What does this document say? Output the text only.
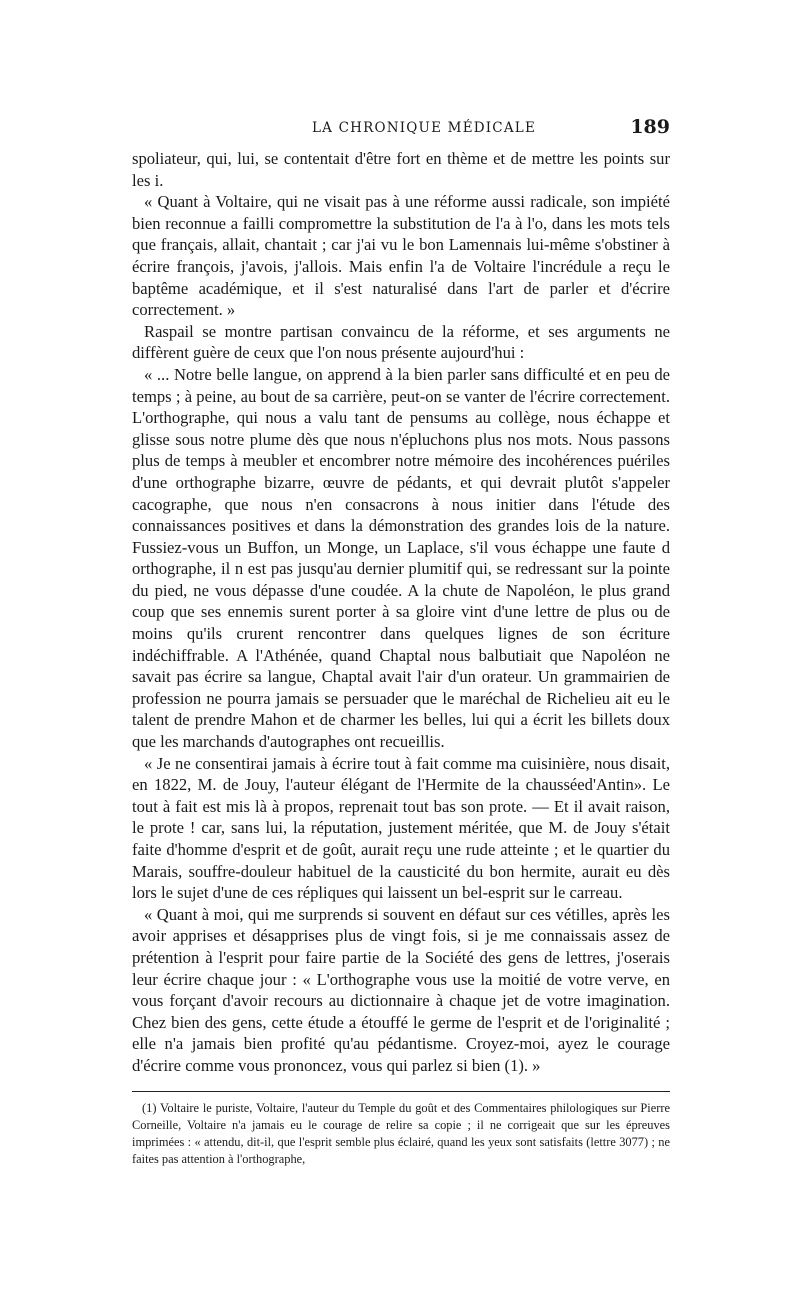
LA CHRONIQUE MÉDICALE	189

spoliateur, qui, lui, se contentait d'être fort en thème et de mettre les points sur les i.

« Quant à Voltaire, qui ne visait pas à une réforme aussi radicale, son impiété bien reconnue a failli compromettre la substitution de l'a à l'o, dans les mots tels que français, allait, chantait ; car j'ai vu le bon Lamennais lui-même s'obstiner à écrire françois, j'avois, j'allois. Mais enfin l'a de Voltaire l'incrédule a reçu le baptême académique, et il s'est naturalisé dans l'art de parler et d'écrire correctement. »

Raspail se montre partisan convaincu de la réforme, et ses arguments ne diffèrent guère de ceux que l'on nous présente aujourd'hui :

« ... Notre belle langue, on apprend à la bien parler sans difficulté et en peu de temps ; à peine, au bout de sa carrière, peut-on se vanter de l'écrire correctement. L'orthographe, qui nous a valu tant de pensums au collège, nous échappe et glisse sous notre plume dès que nous n'épluchons plus nos mots. Nous passons plus de temps à meubler et encombrer notre mémoire des incohérences puériles d'une orthographe bizarre, œuvre de pédants, et qui devrait plutôt s'appeler cacographe, que nous n'en consacrons à nous initier dans l'étude des connaissances positives et dans la démonstration des grandes lois de la nature. Fussiez-vous un Buffon, un Monge, un Laplace, s'il vous échappe une faute d orthographe, il n est pas jusqu'au dernier plumitif qui, se redressant sur la pointe du pied, ne vous dépasse d'une coudée. A la chute de Napoléon, le plus grand coup que ses ennemis surent porter à sa gloire vint d'une lettre de plus ou de moins qu'ils crurent rencontrer dans quelques lignes de son écriture indéchiffrable. A l'Athénée, quand Chaptal nous balbutiait que Napoléon ne savait pas écrire sa langue, Chaptal avait l'air d'un orateur. Un grammairien de profession ne pourra jamais se persuader que le maréchal de Richelieu ait eu le talent de prendre Mahon et de charmer les belles, lui qui a écrit les billets doux que les marchands d'autographes ont recueillis.

« Je ne consentirai jamais à écrire tout à fait comme ma cuisinière, nous disait, en 1822, M. de Jouy, l'auteur élégant de l'Hermite de la chausséed'Antin». Le tout à fait est mis là à propos, reprenait tout bas son prote. — Et il avait raison, le prote ! car, sans lui, la réputation, justement méritée, que M. de Jouy s'était faite d'homme d'esprit et de goût, aurait reçu une rude atteinte ; et le quartier du Marais, souffre-douleur habituel de la causticité du bon hermite, aurait eu dès lors le sujet d'une de ces répliques qui laissent un bel-esprit sur le carreau.

« Quant à moi, qui me surprends si souvent en défaut sur ces vétilles, après les avoir apprises et désapprises plus de vingt fois, si je me connaissais assez de prétention à l'esprit pour faire partie de la Société des gens de lettres, j'oserais leur écrire chaque jour : « L'orthographe vous use la moitié de votre verve, en vous forçant d'avoir recours au dictionnaire à chaque jet de votre imagination. Chez bien des gens, cette étude a étouffé le germe de l'esprit et de l'originalité ; elle n'a jamais bien profité qu'au pédantisme. Croyez-moi, ayez le courage d'écrire comme vous prononcez, vous qui parlez si bien (1). »

(1) Voltaire le puriste, Voltaire, l'auteur du Temple du goût et des Commentaires philologiques sur Pierre Corneille, Voltaire n'a jamais eu le courage de relire sa copie ; il ne corrigeait que sur les épreuves imprimées : « attendu, dit-il, que l'esprit semble plus éclairé, quand les yeux sont satisfaits (lettre 3077) ; ne faites pas attention à l'orthographe,
